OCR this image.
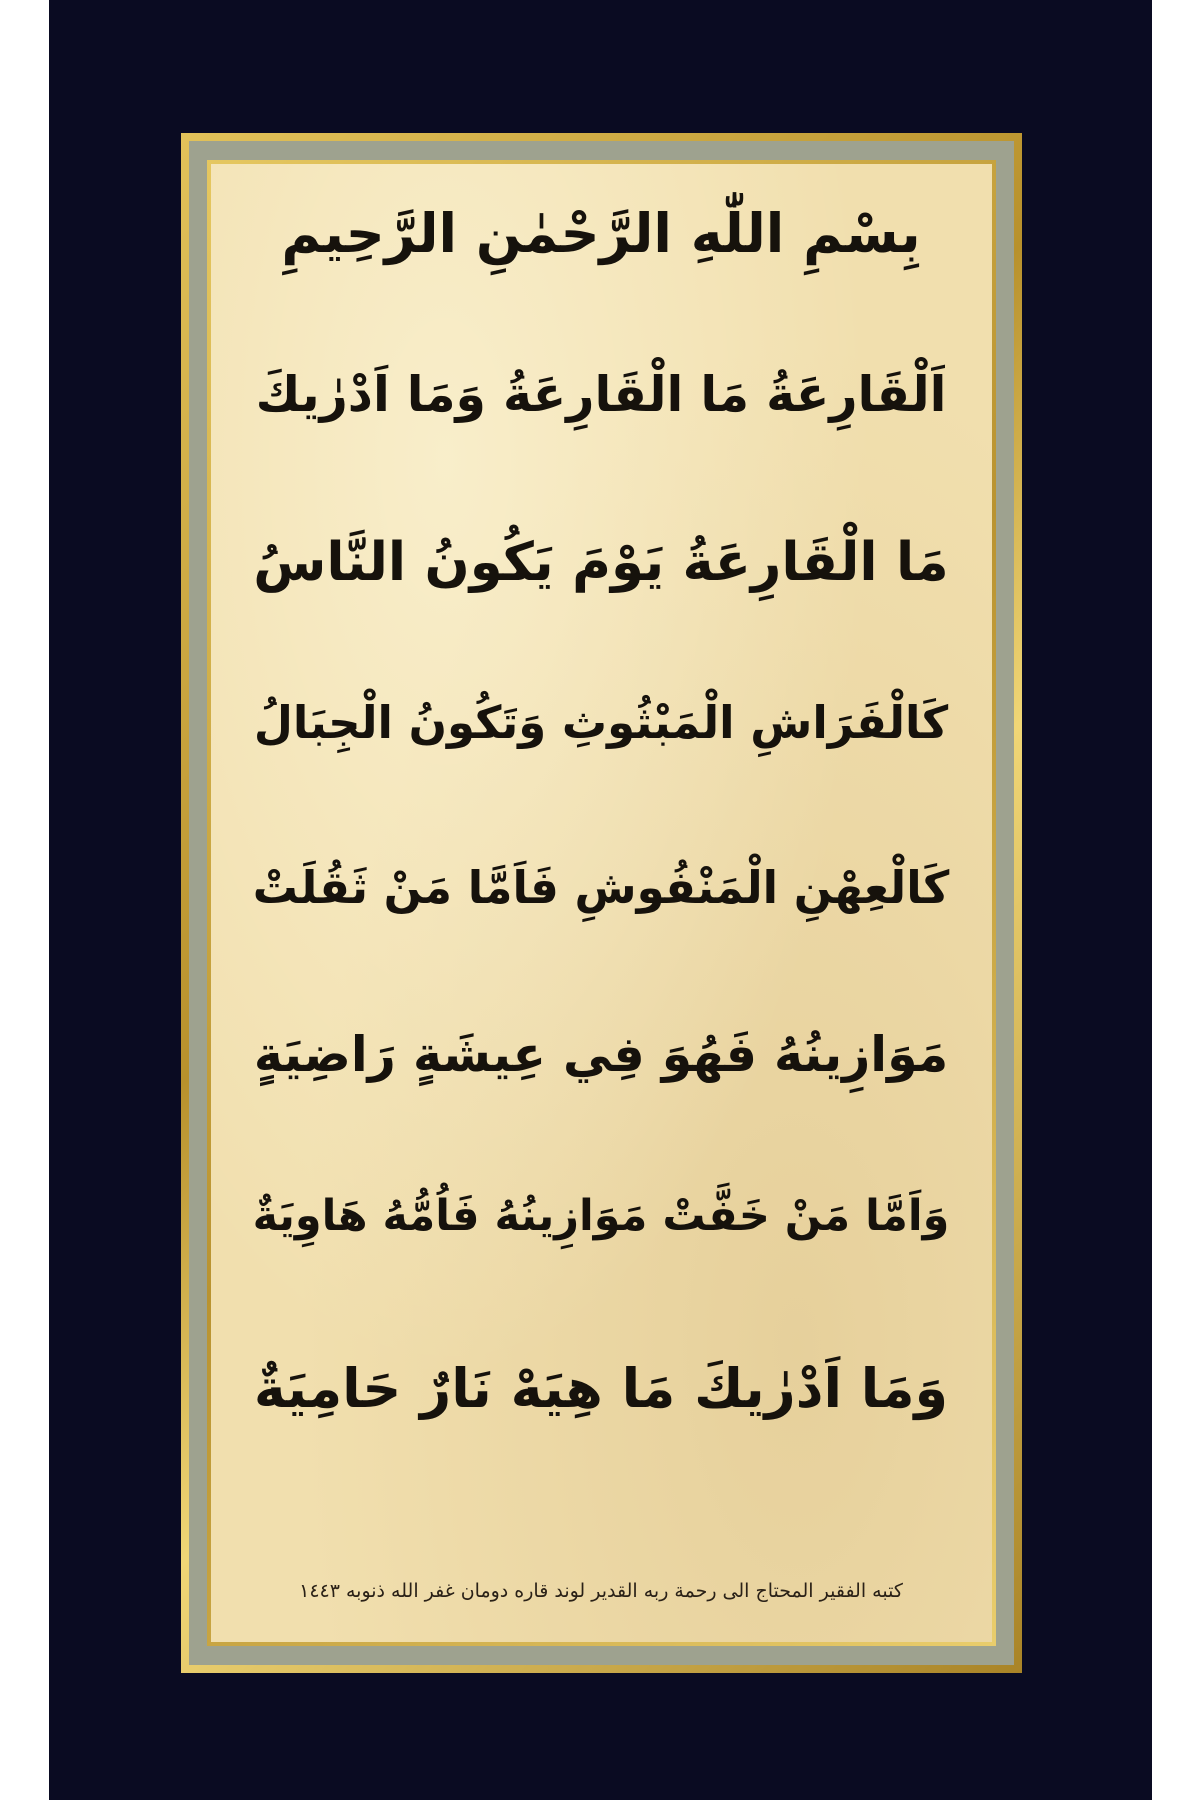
بِسْمِ اللّٰهِ الرَّحْمٰنِ الرَّحِيمِ
اَلْقَارِعَةُ مَا الْقَارِعَةُ وَمَا اَدْرٰيكَ
مَا الْقَارِعَةُ يَوْمَ يَكُونُ النَّاسُ
كَالْفَرَاشِ الْمَبْثُوثِ وَتَكُونُ الْجِبَالُ
كَالْعِهْنِ الْمَنْفُوشِ فَاَمَّا مَنْ ثَقُلَتْ
مَوَازِينُهُ فَهُوَ فِي عِيشَةٍ رَاضِيَةٍ
وَاَمَّا مَنْ خَفَّتْ مَوَازِينُهُ فَاُمُّهُ هَاوِيَةٌ
وَمَا اَدْرٰيكَ مَا هِيَهْ نَارٌ حَامِيَةٌ
كتبه الفقير المحتاج الى رحمة ربه القدير لوند قاره دومان غفر الله ذنوبه ١٤٤٣
